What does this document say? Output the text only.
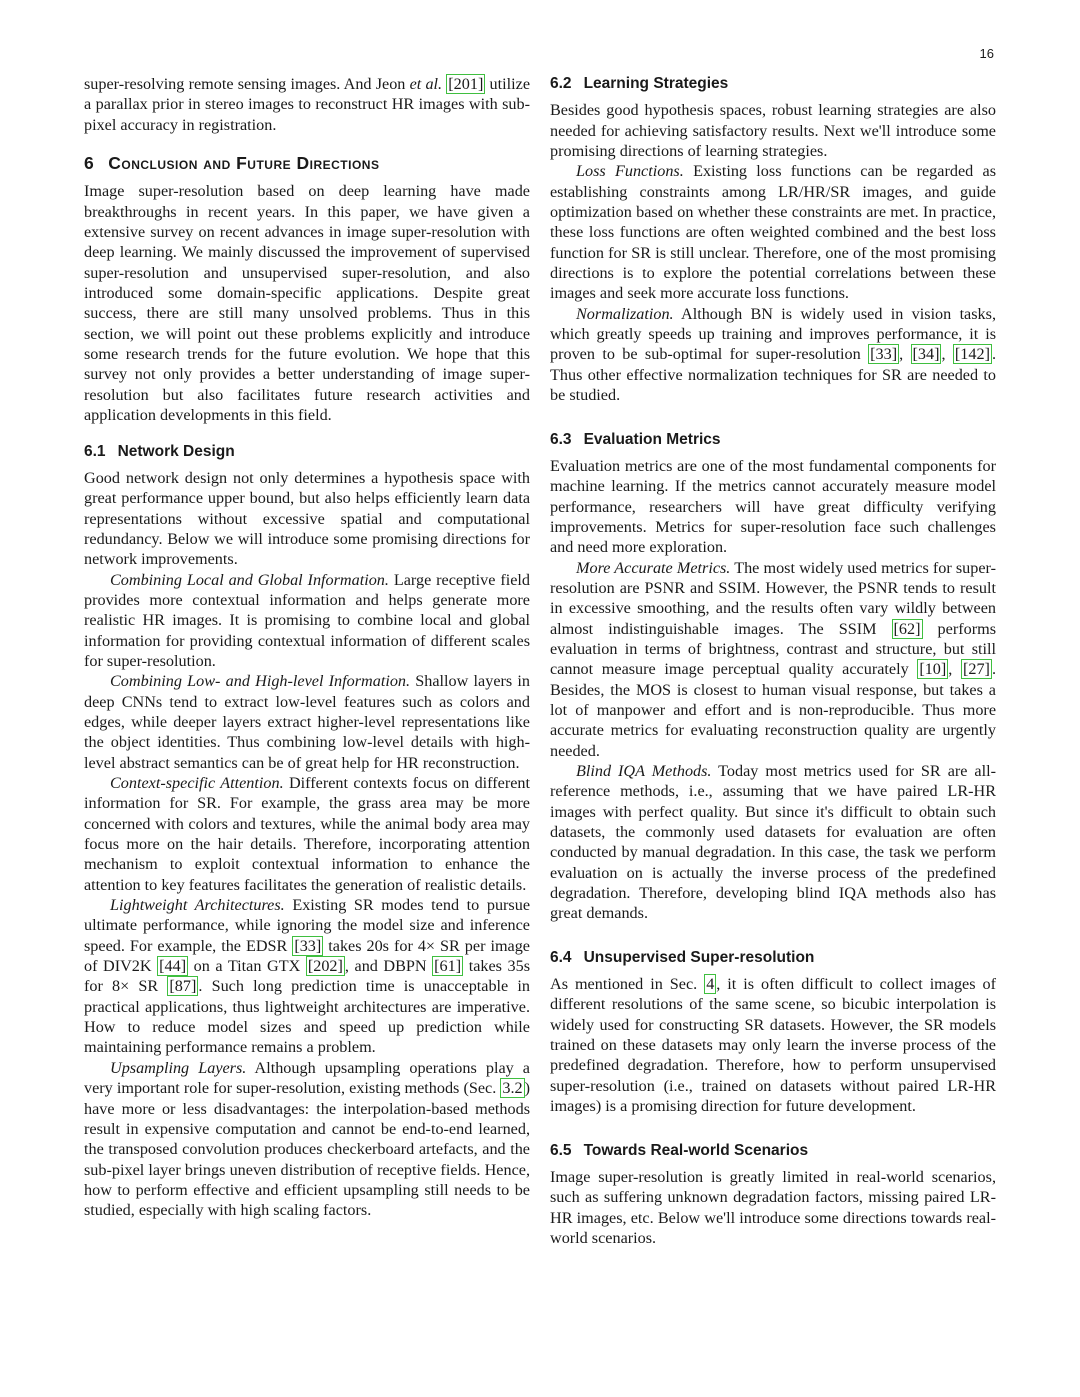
16

super-resolving remote sensing images. And Jeon et al. [201] utilize a parallax prior in stereo images to reconstruct HR images with sub-pixel accuracy in registration.

6 Conclusion and Future Directions

Image super-resolution based on deep learning have made breakthroughs in recent years. In this paper, we have given a extensive survey on recent advances in image super-resolution with deep learning. We mainly discussed the improvement of supervised super-resolution and unsupervised super-resolution, and also introduced some domain-specific applications. Despite great success, there are still many unsolved problems. Thus in this section, we will point out these problems explicitly and introduce some research trends for the future evolution. We hope that this survey not only provides a better understanding of image super-resolution but also facilitates future research activities and application developments in this field.

6.1 Network Design

Good network design not only determines a hypothesis space with great performance upper bound, but also helps efficiently learn data representations without excessive spatial and computational redundancy. Below we will introduce some promising directions for network improvements.

Combining Local and Global Information. Large receptive field provides more contextual information and helps generate more realistic HR images. It is promising to combine local and global information for providing contextual information of different scales for super-resolution.

Combining Low- and High-level Information. Shallow layers in deep CNNs tend to extract low-level features such as colors and edges, while deeper layers extract higher-level representations like the object identities. Thus combining low-level details with high-level abstract semantics can be of great help for HR reconstruction.

Context-specific Attention. Different contexts focus on different information for SR. For example, the grass area may be more concerned with colors and textures, while the animal body area may focus more on the hair details. Therefore, incorporating attention mechanism to exploit contextual information to enhance the attention to key features facilitates the generation of realistic details.

Lightweight Architectures. Existing SR modes tend to pursue ultimate performance, while ignoring the model size and inference speed. For example, the EDSR [33] takes 20s for 4× SR per image of DIV2K [44] on a Titan GTX [202] , and DBPN [61] takes 35s for 8× SR [87] . Such long prediction time is unacceptable in practical applications, thus lightweight architectures are imperative. How to reduce model sizes and speed up prediction while maintaining performance remains a problem.

Upsampling Layers. Although upsampling operations play a very important role for super-resolution, existing methods (Sec. 3.2 ) have more or less disadvantages: the interpolation-based methods result in expensive computation and cannot be end-to-end learned, the transposed convolution produces checkerboard artefacts, and the sub-pixel layer brings uneven distribution of receptive fields. Hence, how to perform effective and efficient upsampling still needs to be studied, especially with high scaling factors.

6.2 Learning Strategies

Besides good hypothesis spaces, robust learning strategies are also needed for achieving satisfactory results. Next we'll introduce some promising directions of learning strategies.

Loss Functions. Existing loss functions can be regarded as establishing constraints among LR/HR/SR images, and guide optimization based on whether these constraints are met. In practice, these loss functions are often weighted combined and the best loss function for SR is still unclear. Therefore, one of the most promising directions is to explore the potential correlations between these images and seek more accurate loss functions.

Normalization. Although BN is widely used in vision tasks, which greatly speeds up training and improves performance, it is proven to be sub-optimal for super-resolution [33] , [34] , [142] . Thus other effective normalization techniques for SR are needed to be studied.

6.3 Evaluation Metrics

Evaluation metrics are one of the most fundamental components for machine learning. If the metrics cannot accurately measure model performance, researchers will have great difficulty verifying improvements. Metrics for super-resolution face such challenges and need more exploration.

More Accurate Metrics. The most widely used metrics for super-resolution are PSNR and SSIM. However, the PSNR tends to result in excessive smoothing, and the results often vary wildly between almost indistinguishable images. The SSIM [62] performs evaluation in terms of brightness, contrast and structure, but still cannot measure image perceptual quality accurately [10] , [27] . Besides, the MOS is closest to human visual response, but takes a lot of manpower and effort and is non-reproducible. Thus more accurate metrics for evaluating reconstruction quality are urgently needed.

Blind IQA Methods. Today most metrics used for SR are all-reference methods, i.e., assuming that we have paired LR-HR images with perfect quality. But since it's difficult to obtain such datasets, the commonly used datasets for evaluation are often conducted by manual degradation. In this case, the task we perform evaluation on is actually the inverse process of the predefined degradation. Therefore, developing blind IQA methods also has great demands.

6.4 Unsupervised Super-resolution

As mentioned in Sec. 4 , it is often difficult to collect images of different resolutions of the same scene, so bicubic interpolation is widely used for constructing SR datasets. However, the SR models trained on these datasets may only learn the inverse process of the predefined degradation. Therefore, how to perform unsupervised super-resolution (i.e., trained on datasets without paired LR-HR images) is a promising direction for future development.

6.5 Towards Real-world Scenarios

Image super-resolution is greatly limited in real-world scenarios, such as suffering unknown degradation factors, missing paired LR-HR images, etc. Below we'll introduce some directions towards real-world scenarios.
